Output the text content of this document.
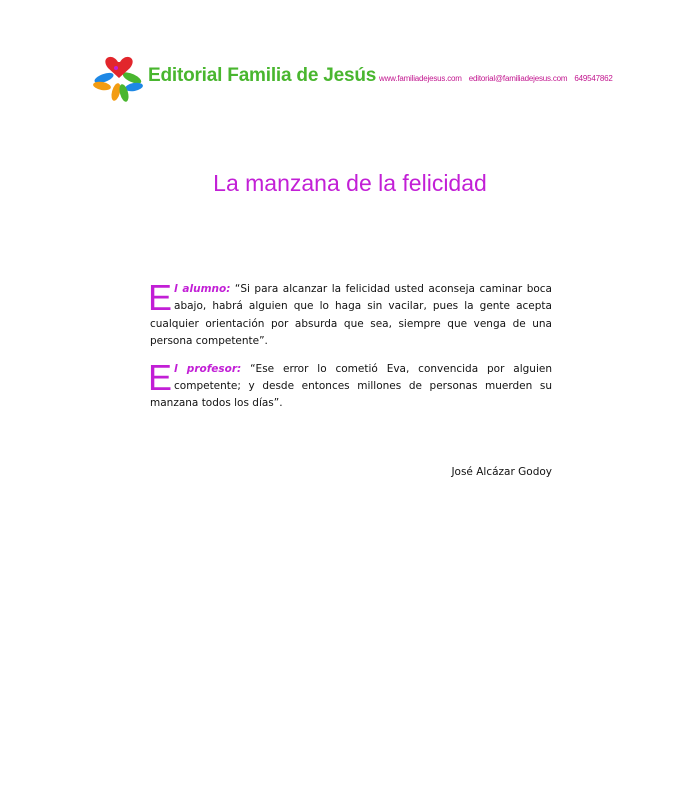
Editorial Familia de Jesús www.familiadejesus.com editorial@familiadejesus.com 649547862
La manzana de la felicidad

El alumno: “Si para alcanzar la felicidad usted aconseja caminar boca abajo, habrá alguien que lo haga sin vacilar, pues la gente acepta cualquier orientación por absurda que sea, siempre que venga de una persona competente”.

El profesor: “Ese error lo cometió Eva, convencida por alguien competente; y desde entonces millones de personas muerden su manzana todos los días”.

José Alcázar Godoy
